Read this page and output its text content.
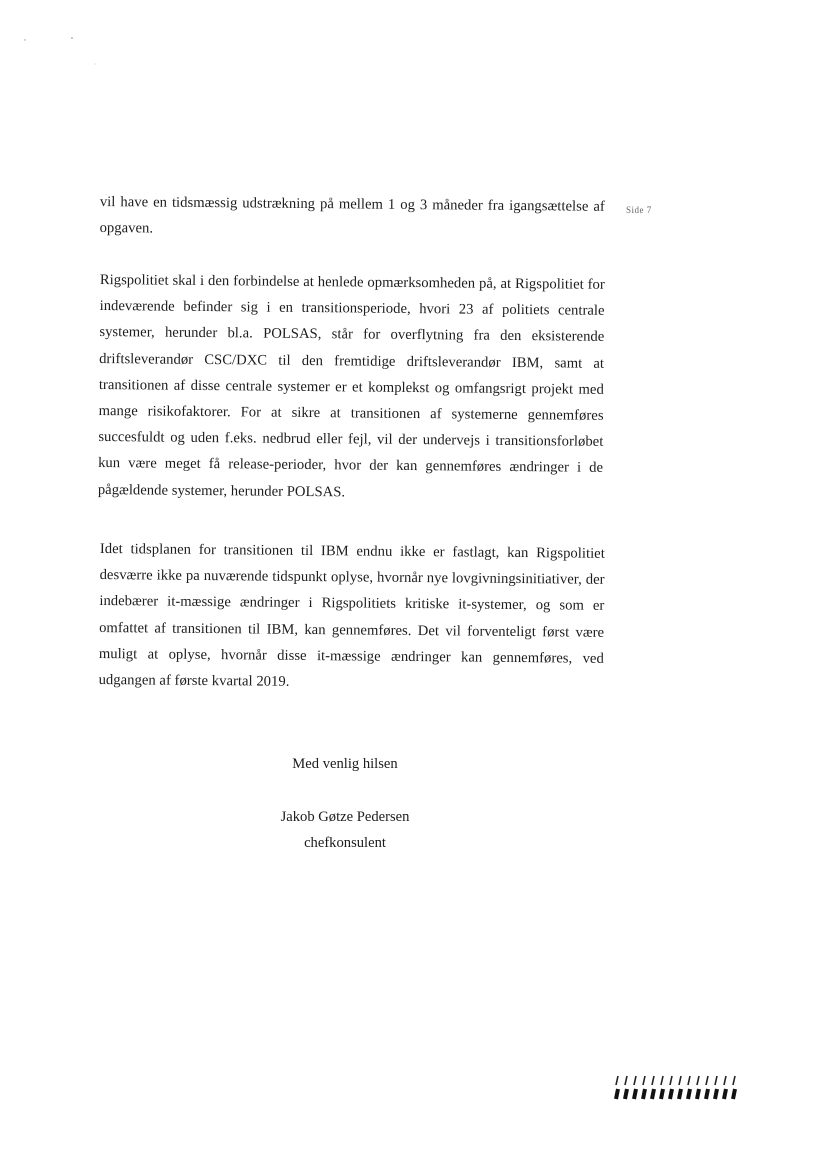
vil have en tidsmæssig udstrækning på mellem 1 og 3 måneder fra igangsættelse af opgaven.

Side 7

Rigspolitiet skal i den forbindelse at henlede opmærksomheden på, at Rigspolitiet for indeværende befinder sig i en transitionsperiode, hvori 23 af politiets centrale systemer, herunder bl.a. POLSAS, står for overflytning fra den eksisterende driftsleverandør CSC/DXC til den fremtidige driftsleverandør IBM, samt at transitionen af disse centrale systemer er et komplekst og omfangsrigt projekt med mange risikofaktorer. For at sikre at transitionen af systemerne gennemføres succesfuldt og uden f.eks. nedbrud eller fejl, vil der undervejs i transitionsforløbet kun være meget få release-perioder, hvor der kan gennemføres ændringer i de pågældende systemer, herunder POLSAS.

Idet tidsplanen for transitionen til IBM endnu ikke er fastlagt, kan Rigspolitiet desværre ikke pa nuværende tidspunkt oplyse, hvornår nye lovgivningsinitiativer, der indebærer it-mæssige ændringer i Rigspolitiets kritiske it-systemer, og som er omfattet af transitionen til IBM, kan gennemføres. Det vil forventeligt først være muligt at oplyse, hvornår disse it-mæssige ændringer kan gennemføres, ved udgangen af første kvartal 2019.

Med venlig hilsen
Jakob Gøtze Pedersen
chefkonsulent
